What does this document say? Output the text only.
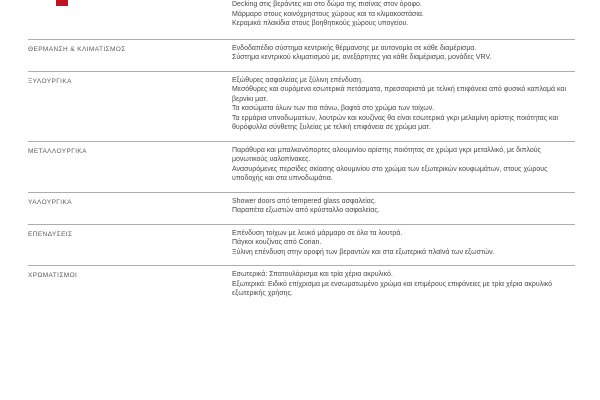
Decking στις βεράντες και στο δώμα της πισίνας στον όροφο.
Μάρμαρο στους κοινόχρηστους χώρους και τα κλιμακοστάσια.
Κεραμικά πλακίδια στους βοηθητικούς χώρους υπογείου.
ΘΕΡΜΑΝΣΗ & ΚΛΙΜΑΤΙΣΜΟΣ	Ενδοδαπέδιο σύστημα κεντρικής θέρμανσης με αυτονομία σε κάθε διαμέρισμα.
Σύστημα κεντρικού κλιματισμού με, ανεξάρτητες για κάθε διαμέρισμα, μονάδες VRV.
ΞΥΛΟΥΡΓΙΚΑ	Εξώθυρες ασφαλείας με ξύλινη επένδυση.
Μεσόθυρες και συρόμενα εσωτερικά πετάσματα, πρεσσαριστά με τελική επιφάνεια από φυσικό καπλαμά και βερνίκι ματ.
Τα κασώματα όλων των πιο πάνω, βαφτά στο χρώμα των τοίχων.
Τα ερμάρια υπνοδωματίων, λουτρών και κουζίνας θα είναι εσωτερικά γκρι μελαμίνη αρίστης ποιότητας και θυρόφυλλα σύνθετης ξυλείας με τελική επιφάνεια σε χρώμα ματ.
ΜΕΤΑΛΛΟΥΡΓΙΚΑ	Παράθυρα και μπαλκονόπορτες αλουμινίου αρίστης ποιότητας σε χρώμα γκρι μεταλλικό, με διπλούς μονωτικούς υαλοπίνακες.
Ανασυρόμενες περσίδες σκίασης αλουμινίου στο χρώμα των εξωτερικών κουφωμάτων, στους χώρους υποδοχής και στα υπνοδωμάτια.
ΥΑΛΟΥΡΓΙΚΑ	Shower doors από tempered glass ασφαλείας.
Παραπέτα εξωστών από κρύσταλλο ασφαλείας.
ΕΠΕΝΔΥΣΕΙΣ	Επένδυση τοίχων με λευκό μάρμαρο σε όλα τα λουτρά.
Πάγκοι κουζίνας από Corian.
Ξύλινη επένδυση στην οροφή των βεραντών και στα εξωτερικά πλαϊνά των εξωστών.
ΧΡΩΜΑΤΙΣΜΟΙ	Εσωτερικά: Σπατουλάρισμα και τρία χέρια ακρυλικό.
Εξωτερικά: Ειδικό επίχρισμα με ενσωματωμένο χρώμα και επιμέρους επιφάνειες με τρία χέρια ακρυλικό εξωτερικής χρήσης.
